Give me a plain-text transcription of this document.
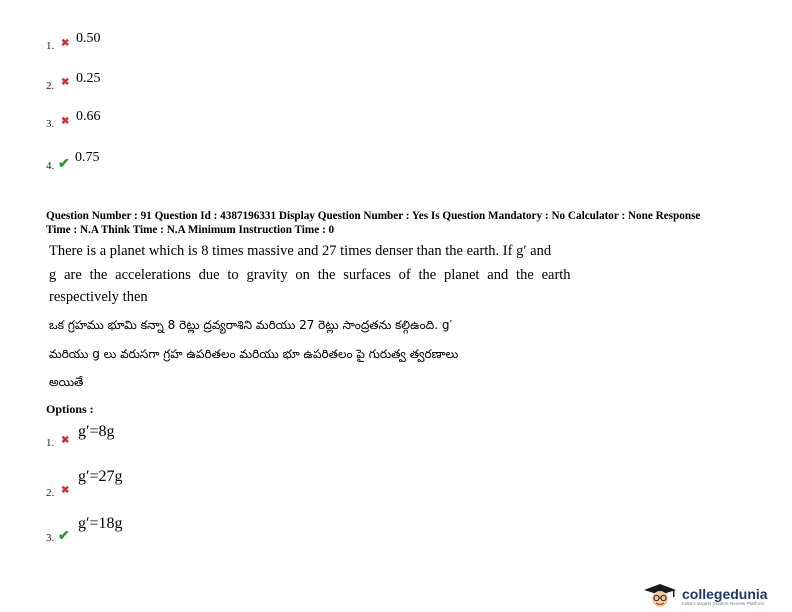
1. ✖ 0.50
2. ✖ 0.25
3. ✖ 0.66
4. ✔ 0.75
Question Number : 91 Question Id : 4387196331 Display Question Number : Yes Is Question Mandatory : No Calculator : None Response
Time : N.A Think Time : N.A Minimum Instruction Time : 0
There is a planet which is 8 times massive and 27 times denser than the earth. If g′ and
g are the accelerations due to gravity on the surfaces of the planet and the earth
respectively then
ఒక గ్రహము భూమి కన్నా 8 రెట్లు ద్రవ్యరాశిని మరియు 27 రెట్లు సాంద్రతను కల్గిఉంది. g′
మరియు g లు వరుసగా గ్రహ ఉపరితలం మరియు భూ ఉపరితలం పై గురుత్వ త్వరణాలు
అయితే
Options :
1. ✖
g′=8g
2. ✖
g′=27g
3. ✔
g′=18g
collegedunia
India's largest Student Review Platform
